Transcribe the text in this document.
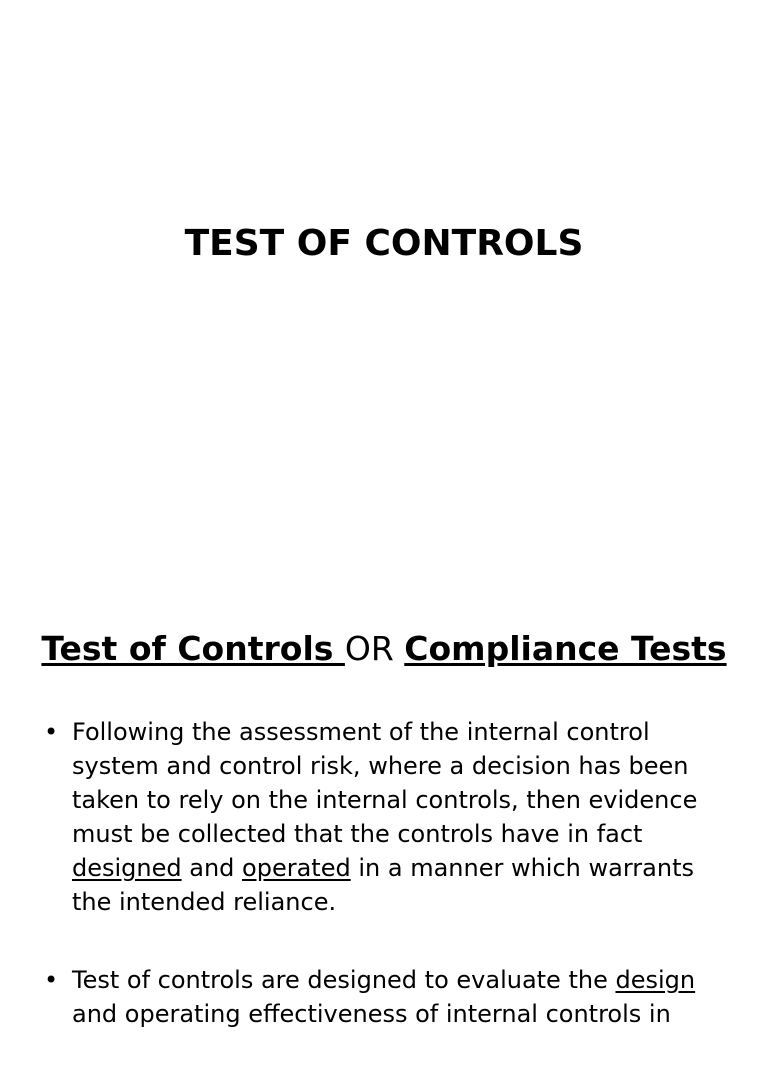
TEST OF CONTROLS
Test of Controls OR Compliance Tests
• Following the assessment of the internal control system and control risk, where a decision has been taken to rely on the internal controls, then evidence must be collected that the controls have in fact designed and operated in a manner which warrants the intended reliance.
• Test of controls are designed to evaluate the design and operating effectiveness of internal controls in
